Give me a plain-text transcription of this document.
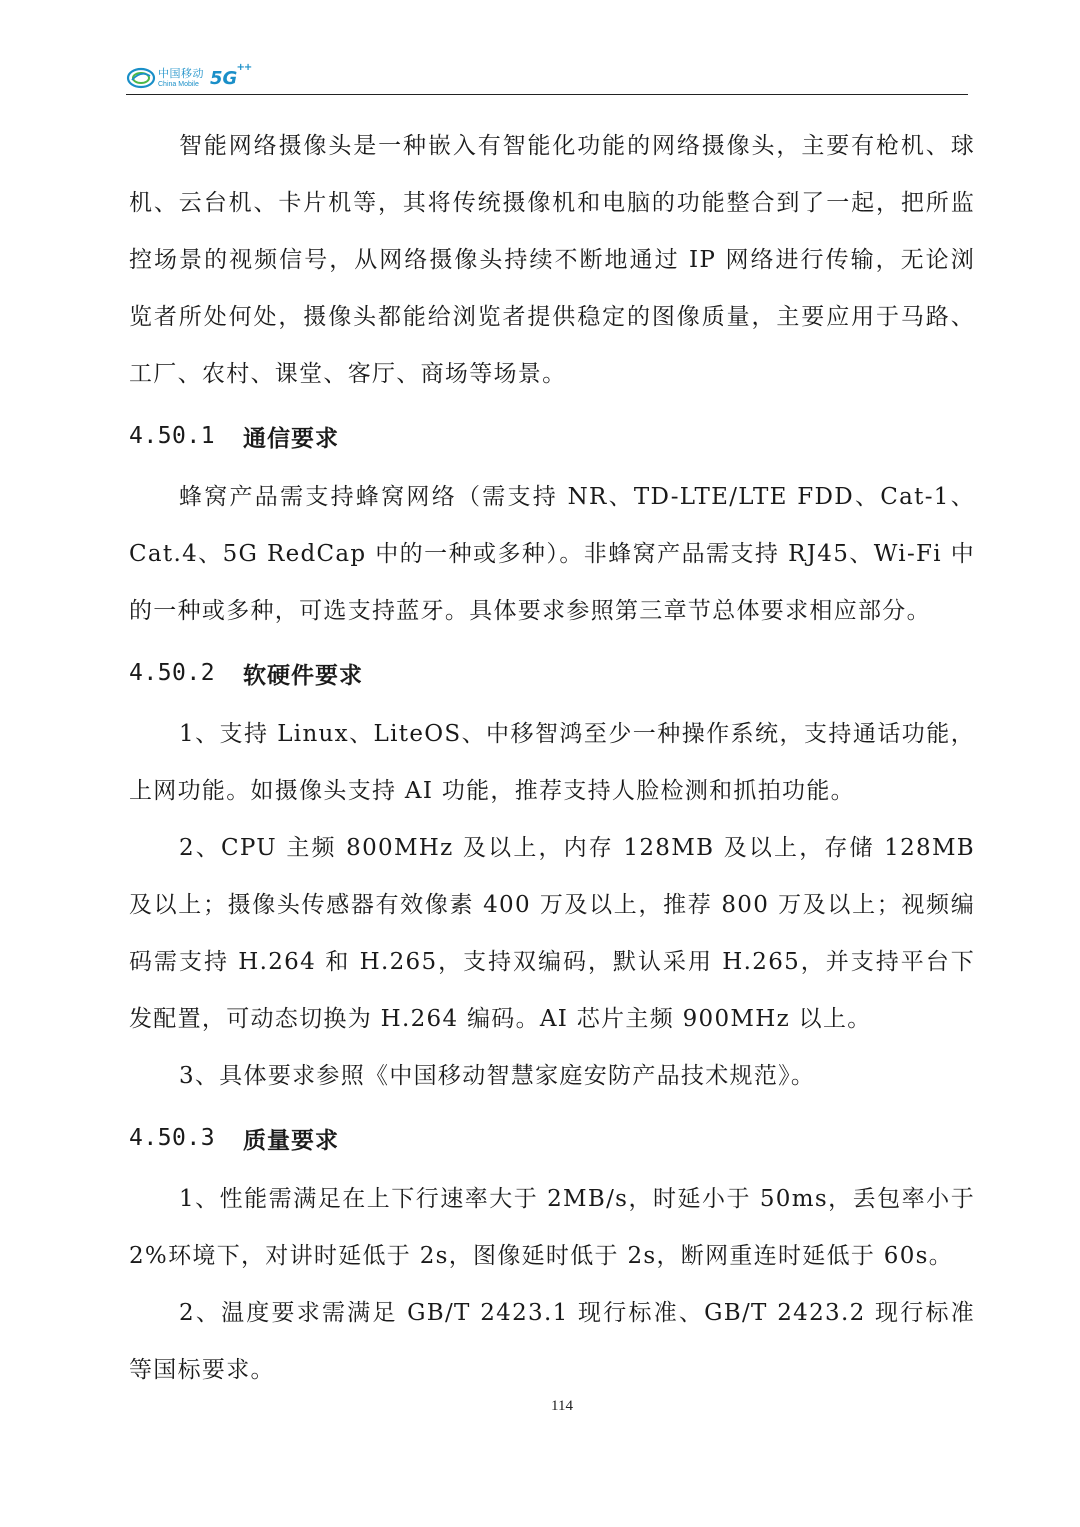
中国移动
China Mobile 5G
++

智能网络摄像头是一种嵌入有智能化功能的网络摄像头，主要有枪机、球机、云台机、卡片机等，其将传统摄像机和电脑的功能整合到了一起，把所监控场景的视频信号，从网络摄像头持续不断地通过 IP 网络进行传输，无论浏览者所处何处，摄像头都能给浏览者提供稳定的图像质量，主要应用于马路、工厂、农村、课堂、客厅、商场等场景。

4.50.1	通信要求

蜂窝产品需支持蜂窝网络（需支持 NR、TD-LTE/LTE FDD、Cat-1、Cat.4、5G RedCap 中的一种或多种）。非蜂窝产品需支持 RJ45、Wi-Fi 中的一种或多种，可选支持蓝牙。具体要求参照第三章节总体要求相应部分。

4.50.2	软硬件要求

1、支持 Linux、LiteOS、中移智鸿至少一种操作系统，支持通话功能，上网功能。如摄像头支持 AI 功能，推荐支持人脸检测和抓拍功能。

2、CPU 主频 800MHz 及以上，内存 128MB 及以上，存储 128MB 及以上；摄像头传感器有效像素 400 万及以上，推荐 800 万及以上；视频编码需支持 H.264 和 H.265，支持双编码，默认采用 H.265，并支持平台下发配置，可动态切换为 H.264 编码。AI 芯片主频 900MHz 以上。

3、具体要求参照《中国移动智慧家庭安防产品技术规范》。

4.50.3	质量要求

1、性能需满足在上下行速率大于 2MB/s，时延小于 50ms，丢包率小于 2%环境下，对讲时延低于 2s，图像延时低于 2s，断网重连时延低于 60s。

2、温度要求需满足 GB/T 2423.1 现行标准、GB/T 2423.2 现行标准等国标要求。

114
